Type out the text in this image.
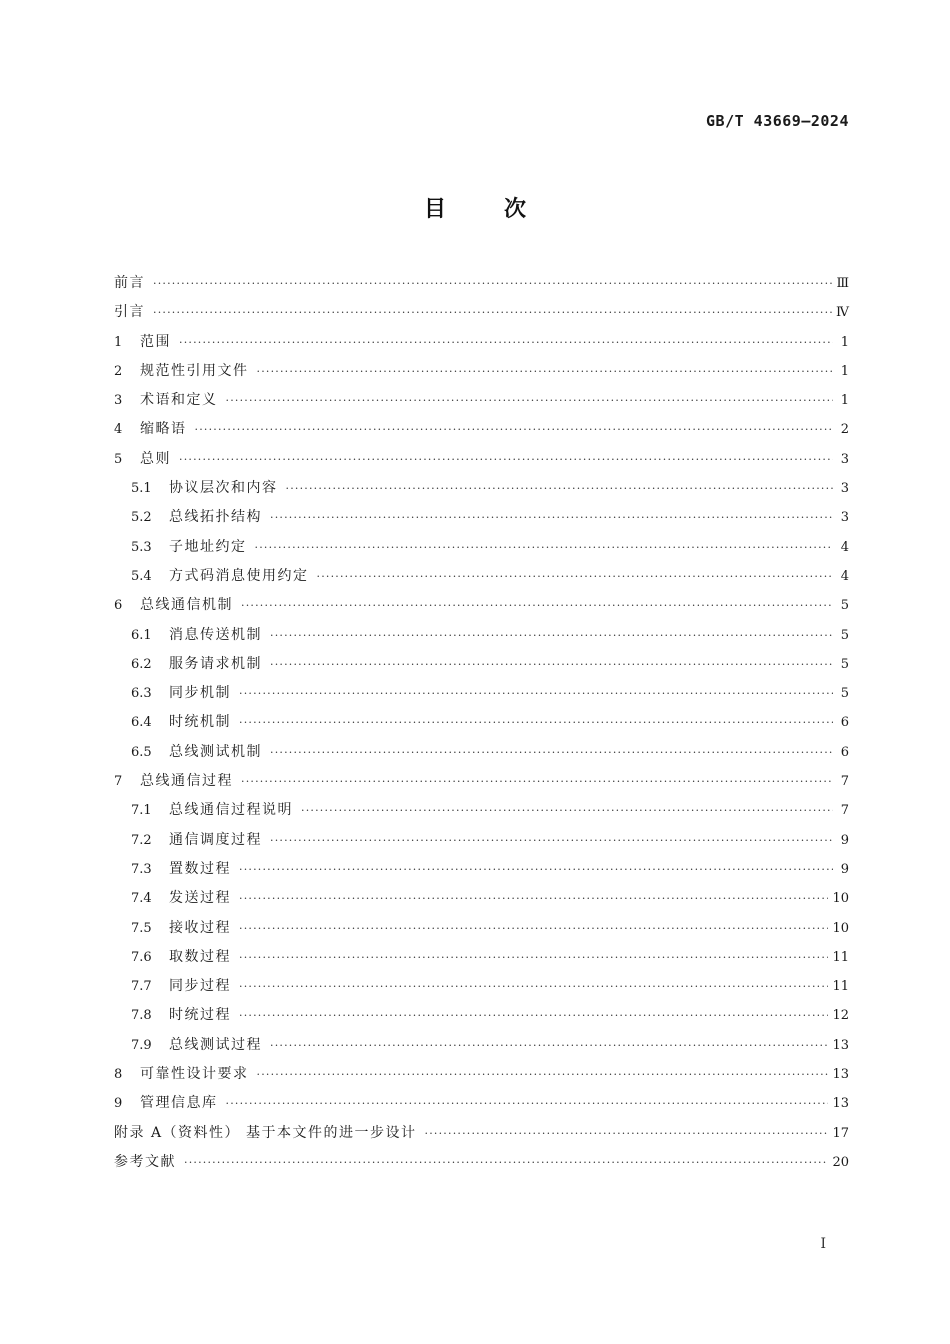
GB/T 43669—2024
目次
前言 ·····	Ⅲ
引言 ·····	Ⅳ
1	范围 ·····	1
2	规范性引用文件 ·····	1
3	术语和定义 ·····	1
4	缩略语 ·····	2
5	总则 ·····	3
5.1	协议层次和内容 ·····	3
5.2	总线拓扑结构 ·····	3
5.3	子地址约定 ·····	4
5.4	方式码消息使用约定 ·····	4
6	总线通信机制 ·····	5
6.1	消息传送机制 ·····	5
6.2	服务请求机制 ·····	5
6.3	同步机制 ·····	5
6.4	时统机制 ·····	6
6.5	总线测试机制 ·····	6
7	总线通信过程 ·····	7
7.1	总线通信过程说明 ·····	7
7.2	通信调度过程 ·····	9
7.3	置数过程 ·····	9
7.4	发送过程 ·····	10
7.5	接收过程 ·····	10
7.6	取数过程 ·····	11
7.7	同步过程 ·····	11
7.8	时统过程 ·····	12
7.9	总线测试过程 ·····	13
8	可靠性设计要求 ·····	13
9	管理信息库 ·····	13
附录 A（资料性） 基于本文件的进一步设计 ·····	17
参考文献 ·····	20
Ⅰ
